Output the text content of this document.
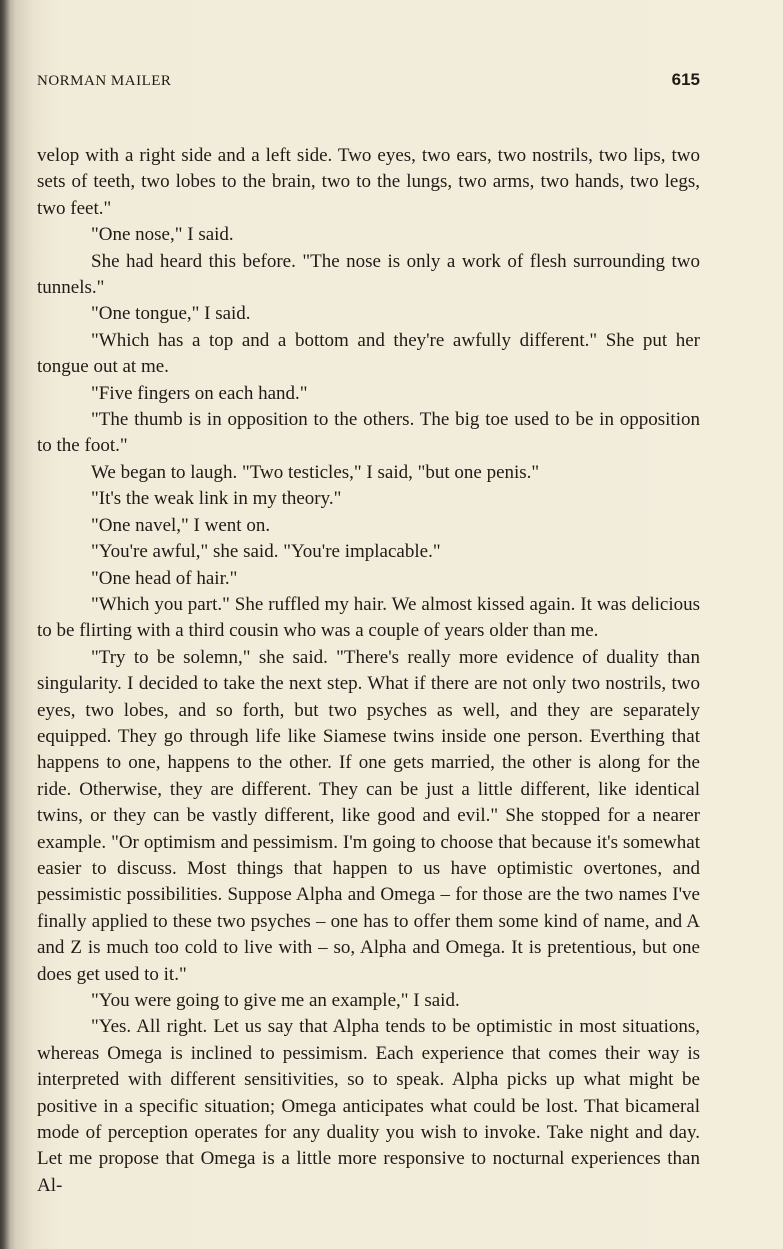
NORMAN MAILER	615

velop with a right side and a left side. Two eyes, two ears, two nostrils, two lips, two sets of teeth, two lobes to the brain, two to the lungs, two arms, two hands, two legs, two feet."

"One nose," I said.

She had heard this before. "The nose is only a work of flesh surrounding two tunnels."

"One tongue," I said.

"Which has a top and a bottom and they're awfully different." She put her tongue out at me.

"Five fingers on each hand."

"The thumb is in opposition to the others. The big toe used to be in opposition to the foot."

We began to laugh. "Two testicles," I said, "but one penis."

"It's the weak link in my theory."

"One navel," I went on.

"You're awful," she said. "You're implacable."

"One head of hair."

"Which you part." She ruffled my hair. We almost kissed again. It was delicious to be flirting with a third cousin who was a couple of years older than me.

"Try to be solemn," she said. "There's really more evidence of duality than singularity. I decided to take the next step. What if there are not only two nostrils, two eyes, two lobes, and so forth, but two psyches as well, and they are separately equipped. They go through life like Siamese twins inside one person. Everthing that happens to one, happens to the other. If one gets married, the other is along for the ride. Otherwise, they are different. They can be just a little different, like identical twins, or they can be vastly different, like good and evil." She stopped for a nearer example. "Or optimism and pessimism. I'm going to choose that because it's somewhat easier to discuss. Most things that happen to us have optimistic overtones, and pessimistic possibilities. Suppose Alpha and Omega – for those are the two names I've finally applied to these two psyches – one has to offer them some kind of name, and A and Z is much too cold to live with – so, Alpha and Omega. It is pretentious, but one does get used to it."

"You were going to give me an example," I said.

"Yes. All right. Let us say that Alpha tends to be optimistic in most situations, whereas Omega is inclined to pessimism. Each experience that comes their way is interpreted with different sensitivities, so to speak. Alpha picks up what might be positive in a specific situation; Omega anticipates what could be lost. That bicameral mode of perception operates for any duality you wish to invoke. Take night and day. Let me propose that Omega is a little more responsive to nocturnal experiences than Al-
